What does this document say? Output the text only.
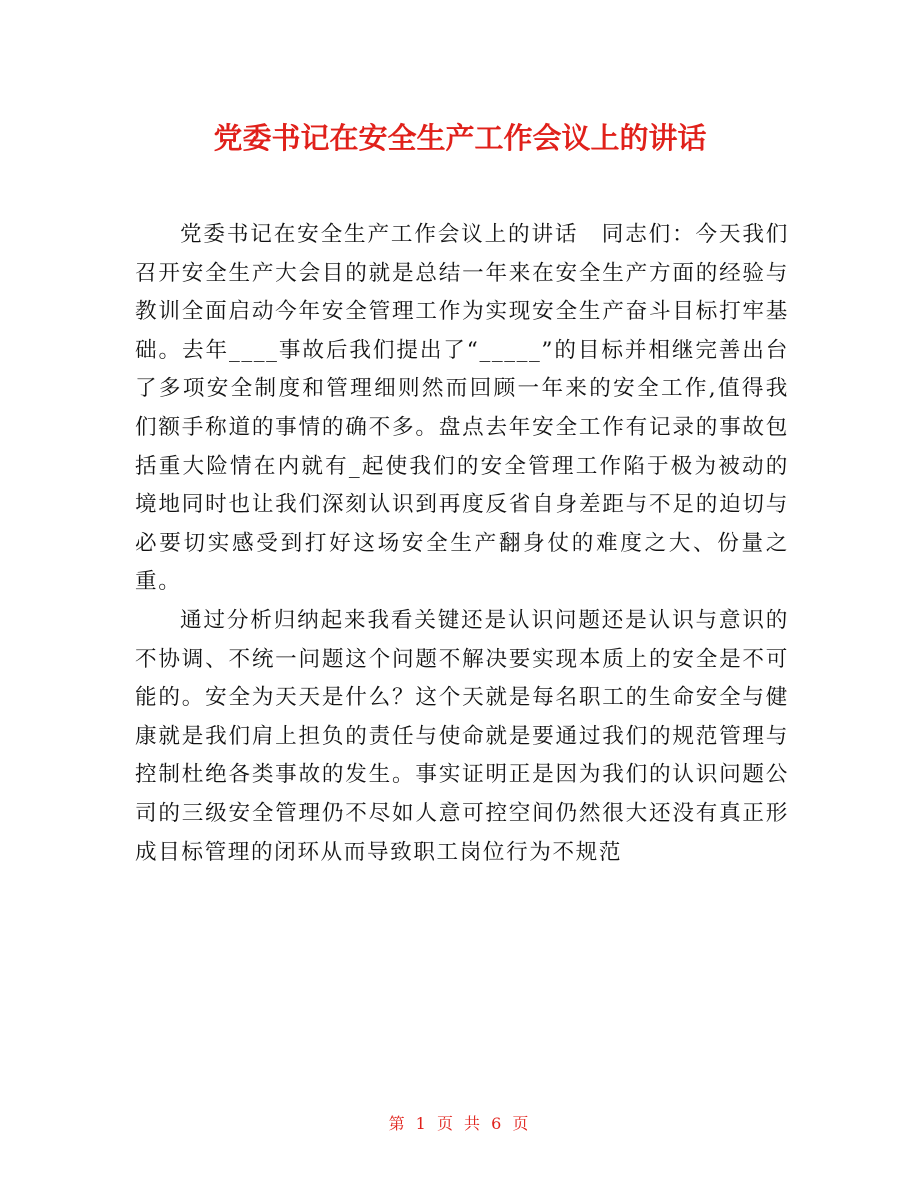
党委书记在安全生产工作会议上的讲话

党委书记在安全生产工作会议上的讲话　同志们：今天我们召开安全生产大会目的就是总结一年来在安全生产方面的经验与教训全面启动今年安全管理工作为实现安全生产奋斗目标打牢基础。去年____事故后我们提出了“_____”的目标并相继完善出台了多项安全制度和管理细则然而回顾一年来的安全工作,值得我们额手称道的事情的确不多。盘点去年安全工作有记录的事故包括重大险情在内就有_起使我们的安全管理工作陷于极为被动的境地同时也让我们深刻认识到再度反省自身差距与不足的迫切与必要切实感受到打好这场安全生产翻身仗的难度之大、份量之重。

通过分析归纳起来我看关键还是认识问题还是认识与意识的不协调、不统一问题这个问题不解决要实现本质上的安全是不可能的。安全为天天是什么？这个天就是每名职工的生命安全与健康就是我们肩上担负的责任与使命就是要通过我们的规范管理与控制杜绝各类事故的发生。事实证明正是因为我们的认识问题公司的三级安全管理仍不尽如人意可控空间仍然很大还没有真正形成目标管理的闭环从而导致职工岗位行为不规范

第 1 页 共 6 页
